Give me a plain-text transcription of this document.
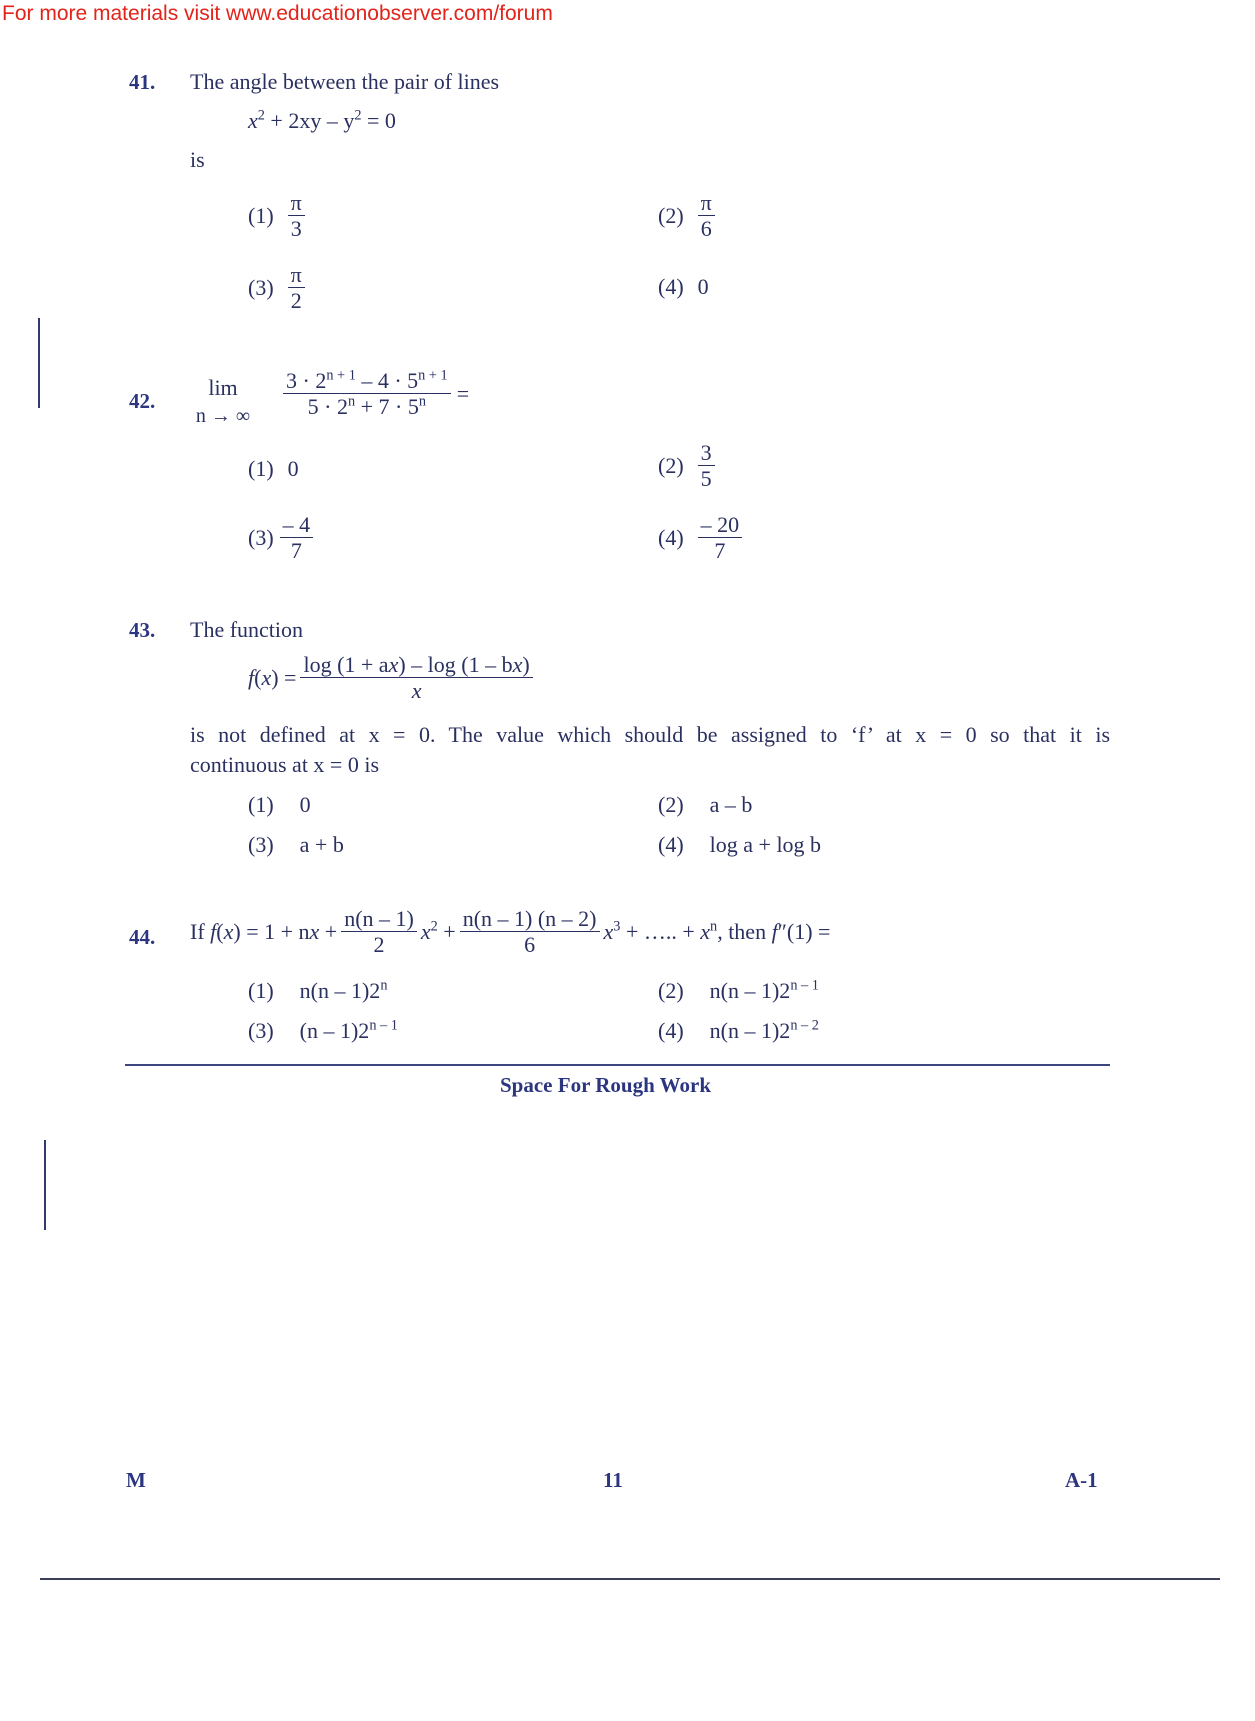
For more materials visit www.educationobserver.com/forum
41. The angle between the pair of lines
$x^2 + 2xy - y^2 = 0$
is
$(1) \frac{\pi}{3}$	$(2) \frac{\pi}{6}$
$(3) \frac{\pi}{2}$	(4) 0
42.
lim
n → ∞ $\frac{3 \cdot 2^{n + 1} - 4 \cdot 5^{n + 1}}{5 \cdot 2^n + 7 \cdot 5^n}$ =
(1) 0	$(2) \frac{3}{5}$
$(3) \frac{- 4}{7}$	$(4) \frac{- 20}{7}$
43. The function
$f(x) = \frac{\log (1 + ax) - \log (1 - bx)}{x}$
is not defined at x = 0. The value which should be assigned to ‘f’ at x = 0 so that it is
continuous at x = 0 is
(1) 0	(2) a – b
(3) a + b	(4) log a + log b
44. If f(x) = 1 + nx + $\frac{n(n - 1)}{2} x^2 + \frac{n(n - 1) (n - 2)}{6} x^3$ + ….. + $x^n$, then f″(1) =
(1) n(n – 1)2$^n$	(2) n(n – 1)2$^{n - 1}$
(3) (n – 1)2$^{n - 1}$	(4) n(n – 1)2$^{n - 2}$
Space For Rough Work
M	11	A-1
